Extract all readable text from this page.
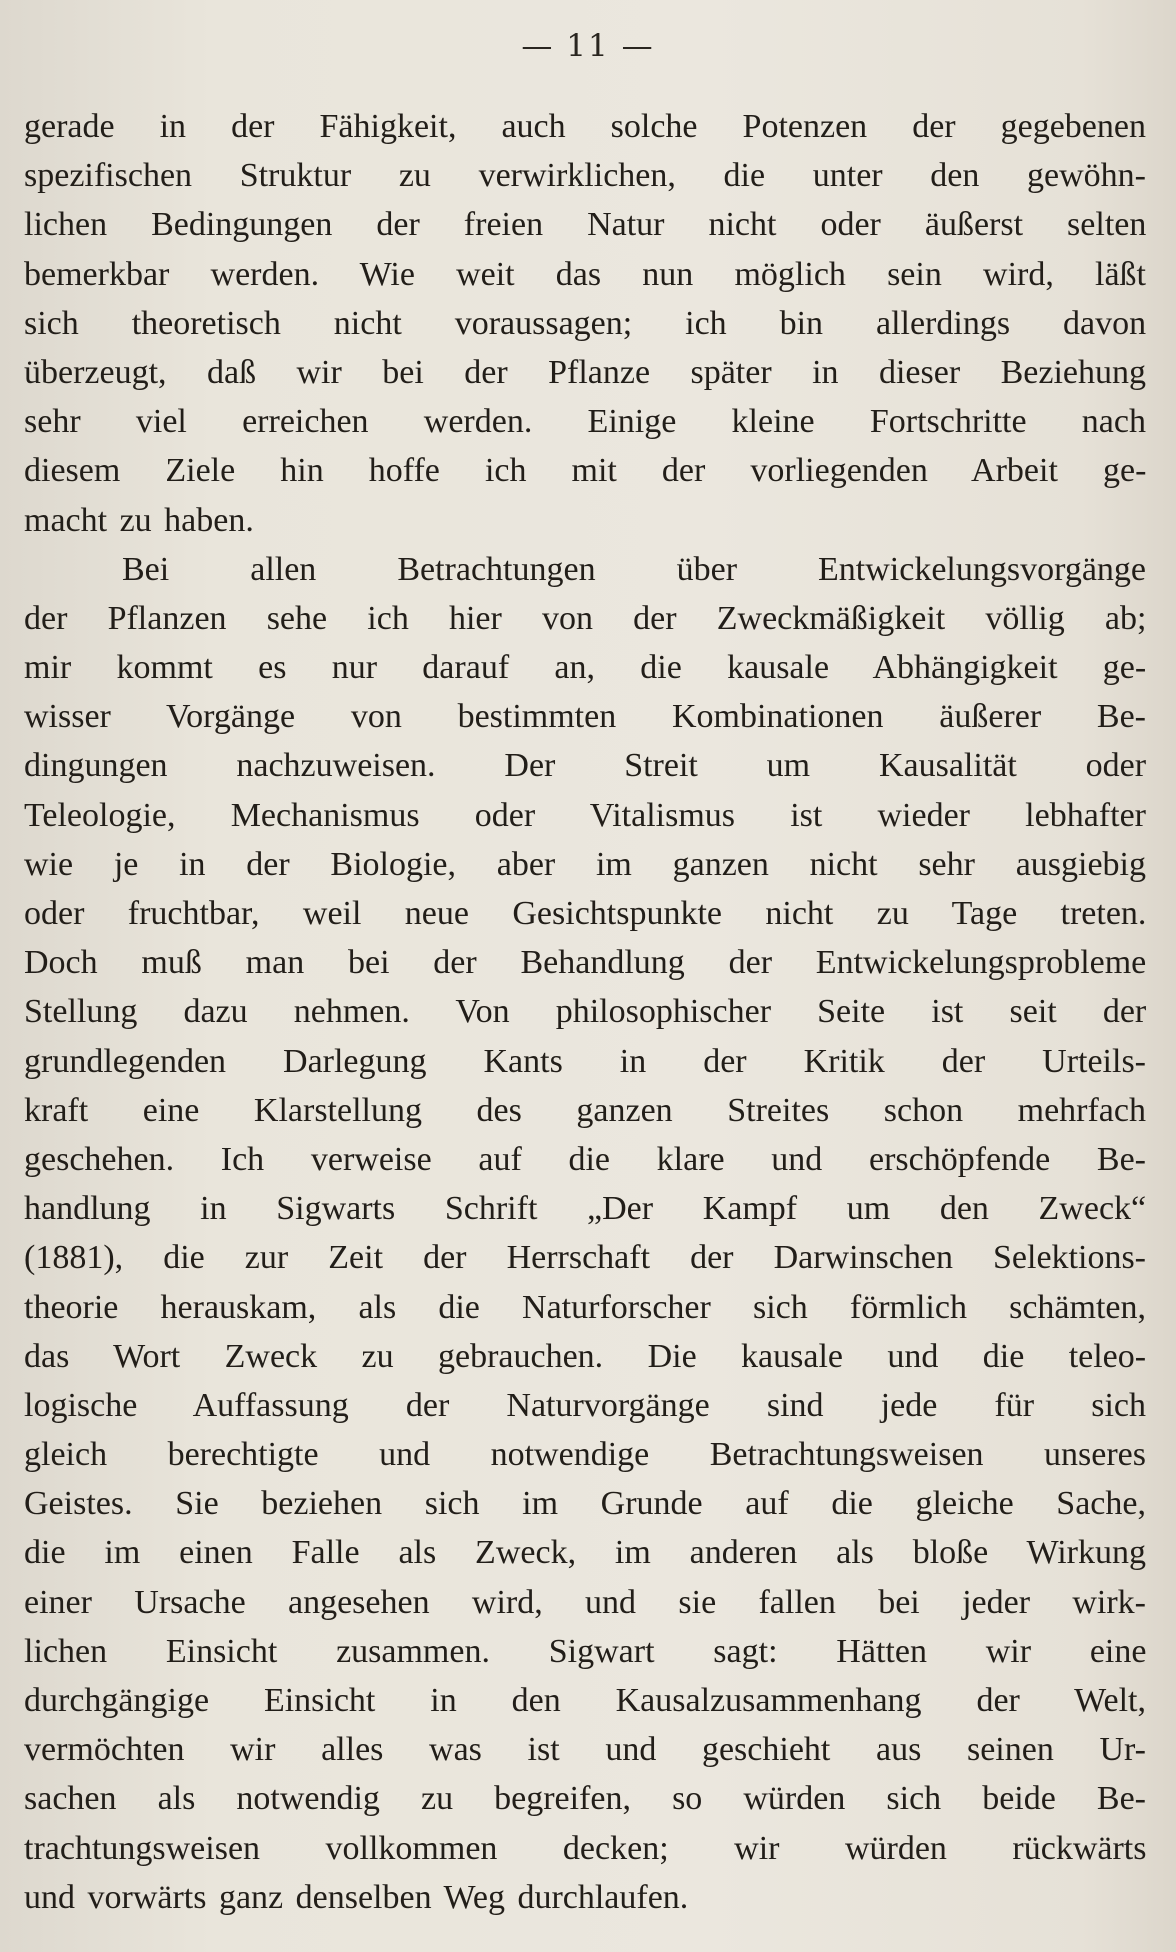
— 11 —
gerade in der Fähigkeit, auch solche Potenzen der gegebenen
spezifischen Struktur zu verwirklichen, die unter den gewöhn-
lichen Bedingungen der freien Natur nicht oder äußerst selten
bemerkbar werden. Wie weit das nun möglich sein wird, läßt
sich theoretisch nicht voraussagen; ich bin allerdings davon
überzeugt, daß wir bei der Pflanze später in dieser Beziehung
sehr viel erreichen werden. Einige kleine Fortschritte nach
diesem Ziele hin hoffe ich mit der vorliegenden Arbeit ge-
macht zu haben.
Bei allen Betrachtungen über Entwickelungsvorgänge
der Pflanzen sehe ich hier von der Zweckmäßigkeit völlig ab;
mir kommt es nur darauf an, die kausale Abhängigkeit ge-
wisser Vorgänge von bestimmten Kombinationen äußerer Be-
dingungen nachzuweisen. Der Streit um Kausalität oder
Teleologie, Mechanismus oder Vitalismus ist wieder lebhafter
wie je in der Biologie, aber im ganzen nicht sehr ausgiebig
oder fruchtbar, weil neue Gesichtspunkte nicht zu Tage treten.
Doch muß man bei der Behandlung der Entwickelungsprobleme
Stellung dazu nehmen. Von philosophischer Seite ist seit der
grundlegenden Darlegung Kants in der Kritik der Urteils-
kraft eine Klarstellung des ganzen Streites schon mehrfach
geschehen. Ich verweise auf die klare und erschöpfende Be-
handlung in Sigwarts Schrift „Der Kampf um den Zweck“
(1881), die zur Zeit der Herrschaft der Darwinschen Selektions-
theorie herauskam, als die Naturforscher sich förmlich schämten,
das Wort Zweck zu gebrauchen. Die kausale und die teleo-
logische Auffassung der Naturvorgänge sind jede für sich
gleich berechtigte und notwendige Betrachtungsweisen unseres
Geistes. Sie beziehen sich im Grunde auf die gleiche Sache,
die im einen Falle als Zweck, im anderen als bloße Wirkung
einer Ursache angesehen wird, und sie fallen bei jeder wirk-
lichen Einsicht zusammen. Sigwart sagt: Hätten wir eine
durchgängige Einsicht in den Kausalzusammenhang der Welt,
vermöchten wir alles was ist und geschieht aus seinen Ur-
sachen als notwendig zu begreifen, so würden sich beide Be-
trachtungsweisen vollkommen decken; wir würden rückwärts
und vorwärts ganz denselben Weg durchlaufen.
